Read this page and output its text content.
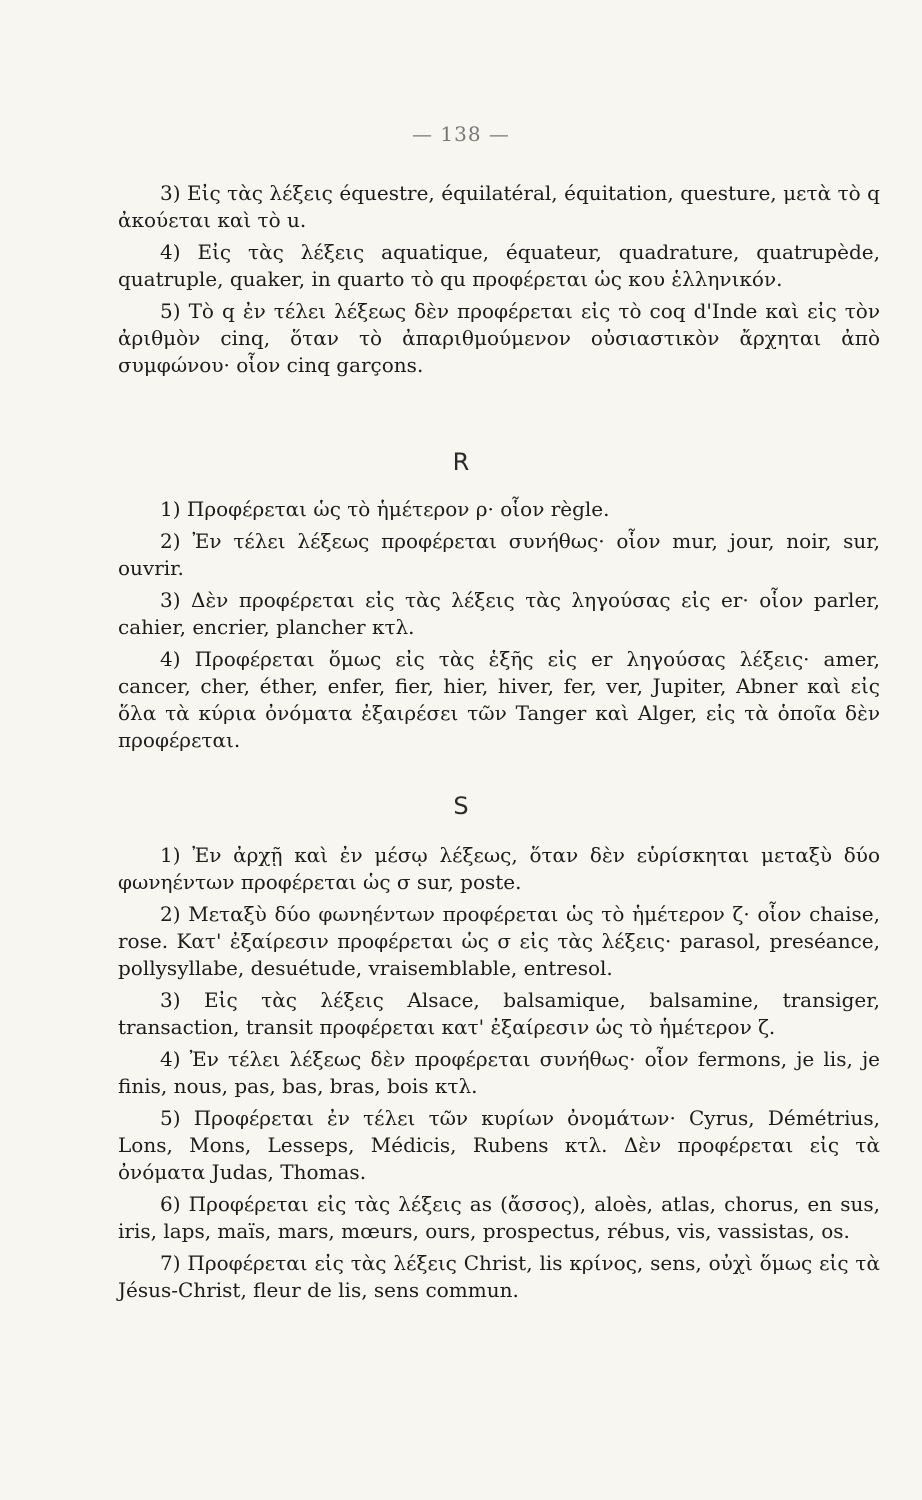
— 138 —

3) Εἰς τὰς λέξεις équestre, équilatéral, équitation, questure, μετὰ τὸ q ἀκούεται καὶ τὸ u.

4) Εἰς τὰς λέξεις aquatique, équateur, quadrature, quatrupède, quatruple, quaker, in quarto τὸ qu προφέρεται ὡς κου ἑλληνικόν.

5) Τὸ q ἐν τέλει λέξεως δὲν προφέρεται εἰς τὸ coq d'Inde καὶ εἰς τὸν ἀριθμὸν cinq, ὅταν τὸ ἀπαριθμούμενον οὐσιαστικὸν ἄρχηται ἀπὸ συμφώνου· οἷον cinq garçons.

R

1) Προφέρεται ὡς τὸ ἡμέτερον ρ· οἷον règle.

2) Ἐν τέλει λέξεως προφέρεται συνήθως· οἷον mur, jour, noir, sur, ouvrir.

3) Δὲν προφέρεται εἰς τὰς λέξεις τὰς ληγούσας εἰς er· οἷον parler, cahier, encrier, plancher κτλ.

4) Προφέρεται ὅμως εἰς τὰς ἑξῆς εἰς er ληγούσας λέξεις· amer, cancer, cher, éther, enfer, fier, hier, hiver, fer, ver, Jupiter, Abner καὶ εἰς ὅλα τὰ κύρια ὀνόματα ἐξαιρέσει τῶν Tanger καὶ Alger, εἰς τὰ ὁποῖα δὲν προφέρεται.

S

1) Ἐν ἀρχῇ καὶ ἐν μέσῳ λέξεως, ὅταν δὲν εὑρίσκηται μεταξὺ δύο φωνηέντων προφέρεται ὡς σ sur, poste.

2) Μεταξὺ δύο φωνηέντων προφέρεται ὡς τὸ ἡμέτερον ζ· οἷον chaise, rose. Κατ' ἐξαίρεσιν προφέρεται ὡς σ εἰς τὰς λέξεις· parasol, preséance, pollysyllabe, desuétude, vraisemblable, entresol.

3) Εἰς τὰς λέξεις Alsace, balsamique, balsamine, transiger, transaction, transit προφέρεται κατ' ἐξαίρεσιν ὡς τὸ ἡμέτερον ζ.

4) Ἐν τέλει λέξεως δὲν προφέρεται συνήθως· οἷον fermons, je lis, je finis, nous, pas, bas, bras, bois κτλ.

5) Προφέρεται ἐν τέλει τῶν κυρίων ὀνομάτων· Cyrus, Démétrius, Lons, Mons, Lesseps, Médicis, Rubens κτλ. Δὲν προφέρεται εἰς τὰ ὀνόματα Judas, Thomas.

6) Προφέρεται εἰς τὰς λέξεις as (ἄσσος), aloès, atlas, chorus, en sus, iris, laps, maïs, mars, mœurs, ours, prospectus, rébus, vis, vassistas, os.

7) Προφέρεται εἰς τὰς λέξεις Christ, lis κρίνος, sens, οὐχὶ ὅμως εἰς τὰ Jésus-Christ, fleur de lis, sens commun.
